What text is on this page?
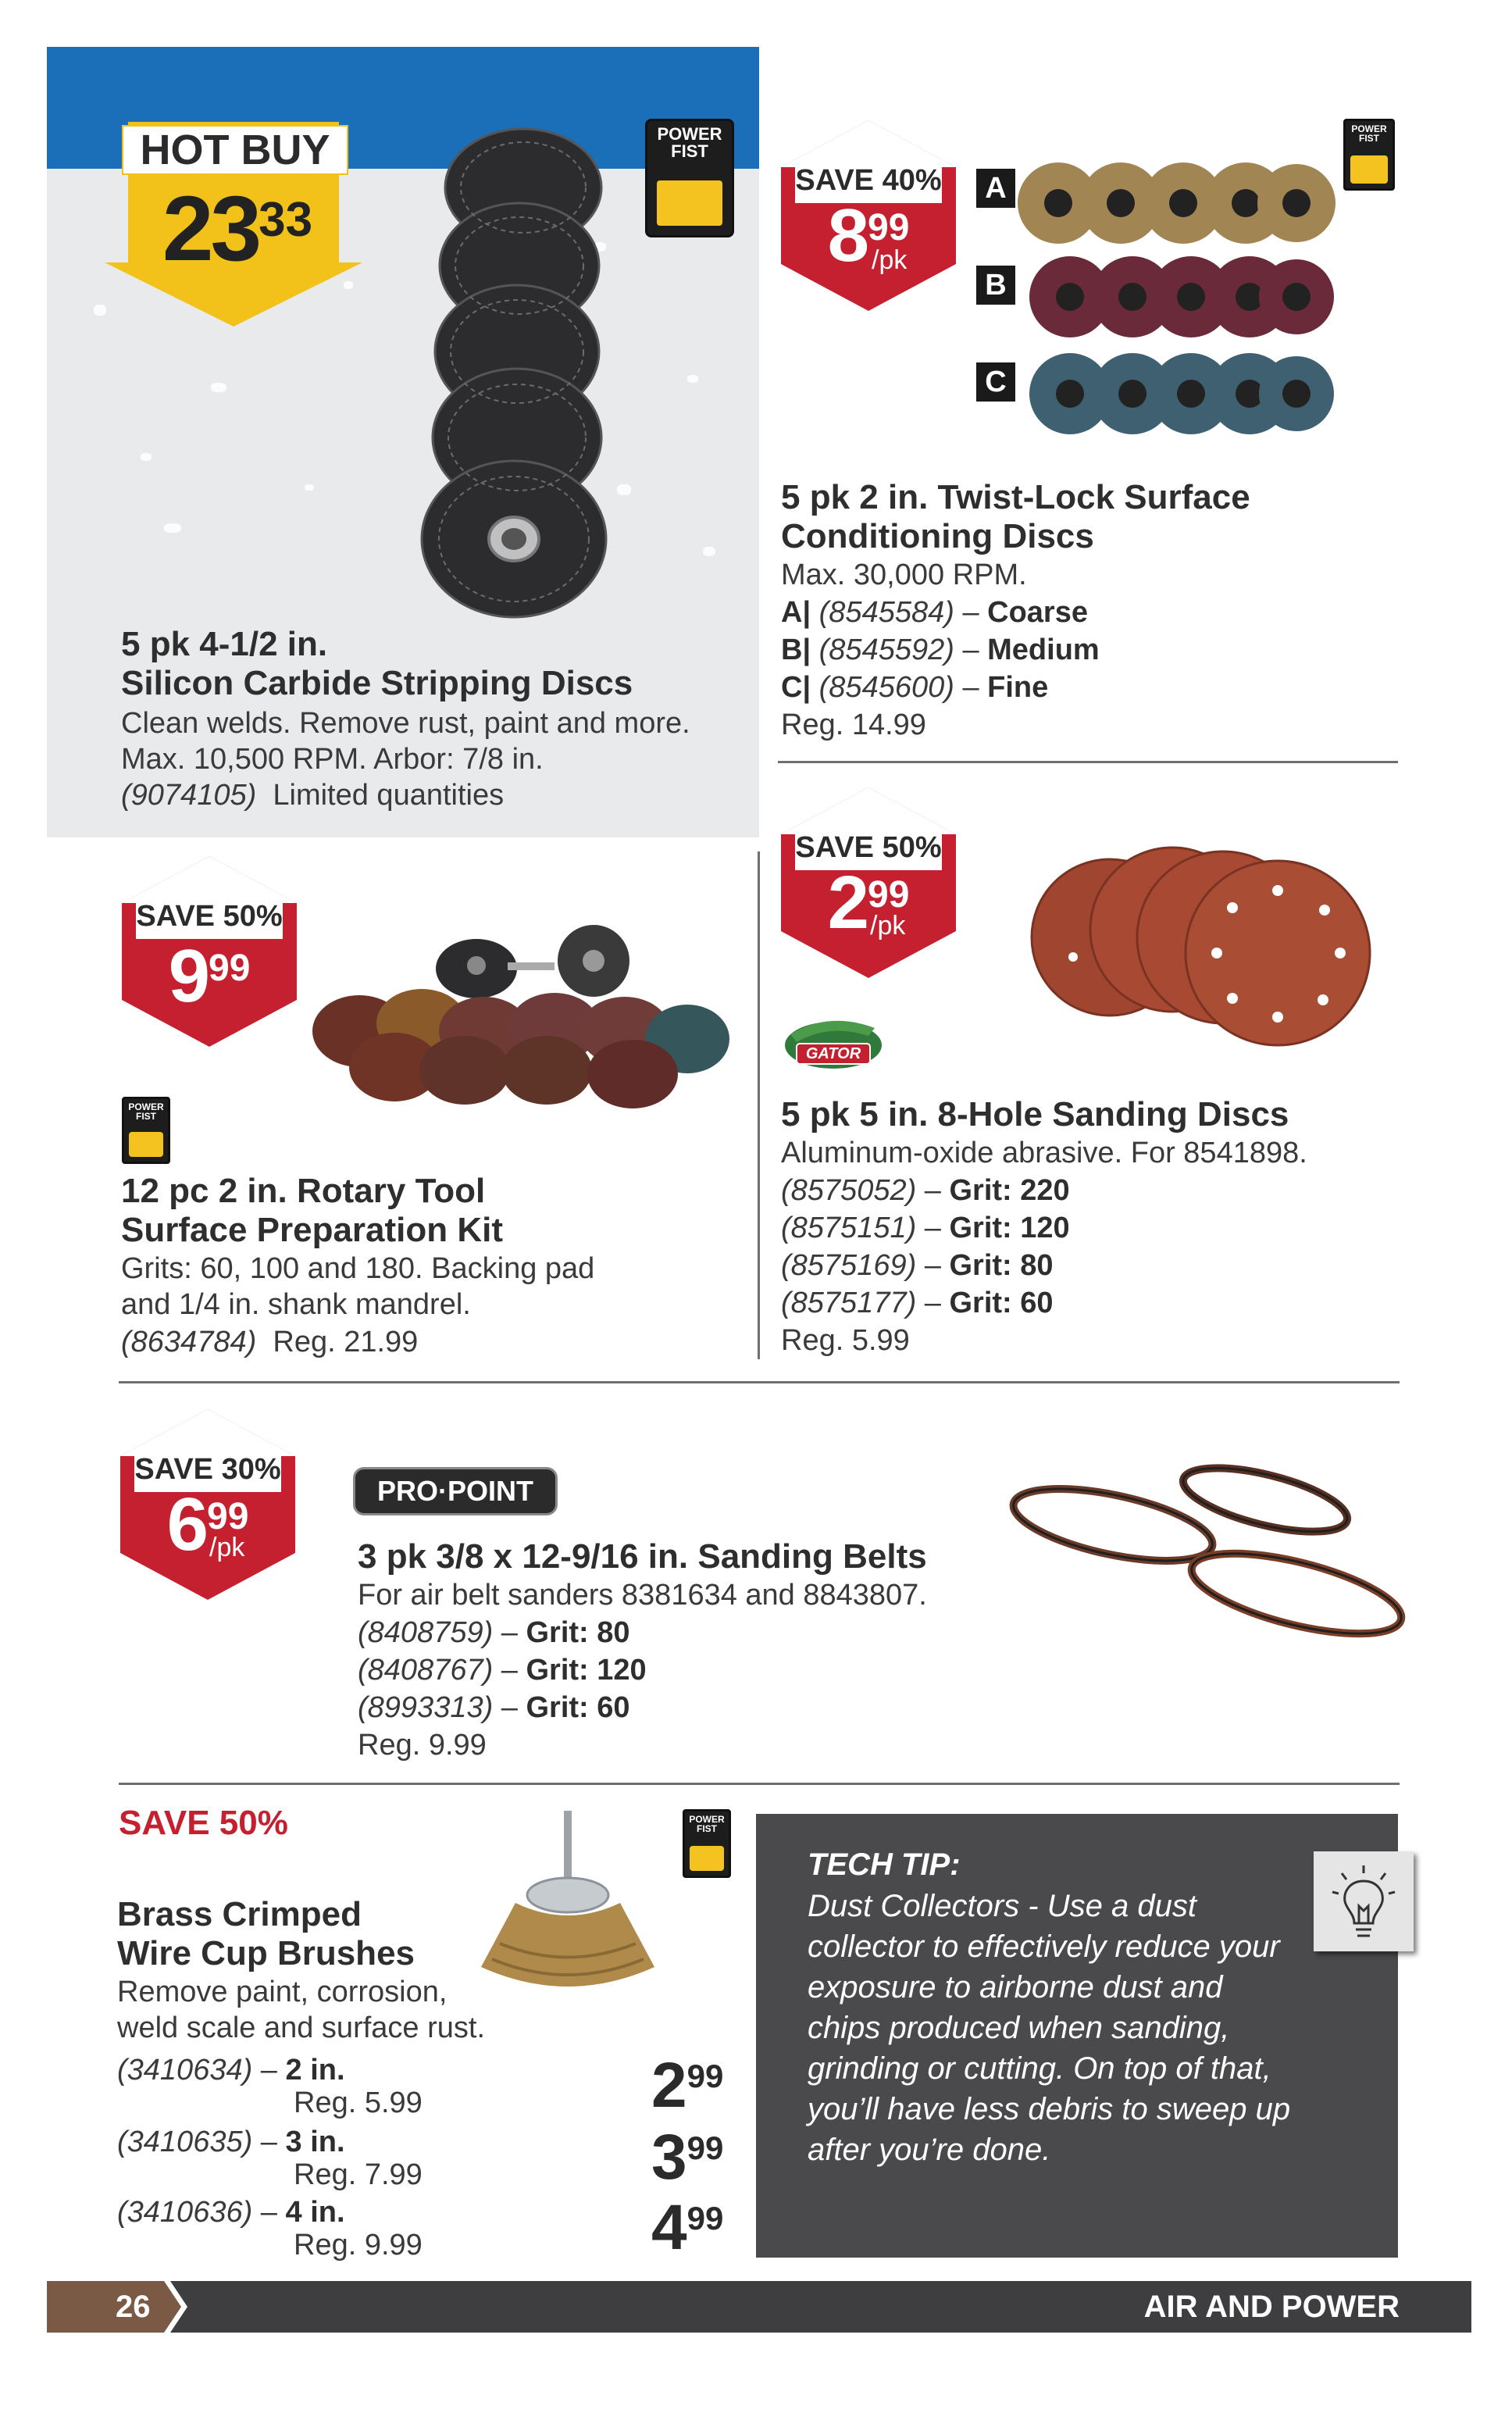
HOT BUY
2333
POWER FIST
5 pk 4-1/2 in.
Silicon Carbide Stripping Discs
Clean welds. Remove rust, paint and more.
Max. 10,500 RPM. Arbor: 7/8 in.
(9074105) Limited quantities
SAVE 40%
899
/pk
A
B
C
POWER FIST
5 pk 2 in. Twist-Lock Surface
Conditioning Discs
Max. 30,000 RPM.
A| (8545584) – Coarse
B| (8545592) – Medium
C| (8545600) – Fine
Reg. 14.99
SAVE 50%
999
POWER FIST
12 pc 2 in. Rotary Tool
Surface Preparation Kit
Grits: 60, 100 and 180. Backing pad
and 1/4 in. shank mandrel.
(8634784) Reg. 21.99
SAVE 50%
299
/pk
GATOR
5 pk 5 in. 8-Hole Sanding Discs
Aluminum-oxide abrasive. For 8541898.
(8575052) – Grit: 220
(8575151) – Grit: 120
(8575169) – Grit: 80
(8575177) – Grit: 60
Reg. 5.99
SAVE 30%
699
/pk
PRO·POINT
3 pk 3/8 x 12-9/16 in. Sanding Belts
For air belt sanders 8381634 and 8843807.
(8408759) – Grit: 80
(8408767) – Grit: 120
(8993313) – Grit: 60
Reg. 9.99
SAVE 50%	POWER FIST
Brass Crimped
Wire Cup Brushes
Remove paint, corrosion,
weld scale and surface rust.
(3410634) – 2 in.
Reg. 5.99	299
(3410635) – 3 in.
Reg. 7.99	399
(3410636) – 4 in.
Reg. 9.99	499
TECH TIP:
Dust Collectors - Use a dust
collector to effectively reduce your
exposure to airborne dust and
chips produced when sanding,
grinding or cutting. On top of that,
you’ll have less debris to sweep up
after you’re done.
26	AIR AND POWER
